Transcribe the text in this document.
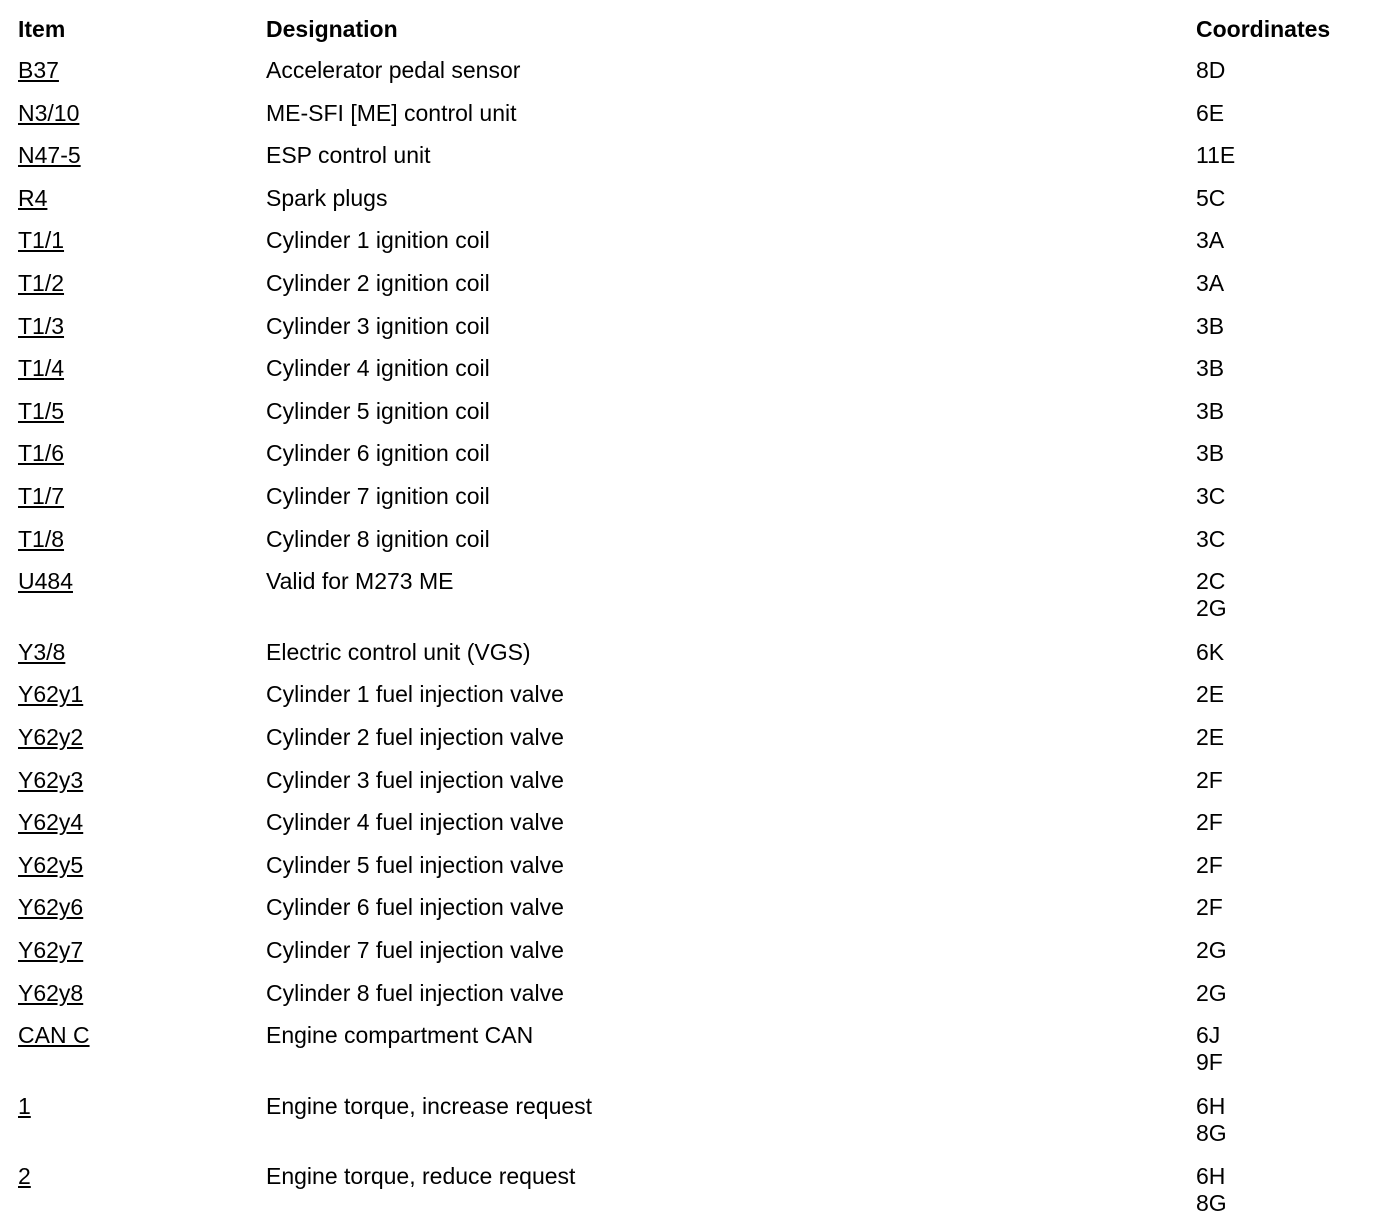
Item	Designation	Coordinates
B37	Accelerator pedal sensor	8D
N3/10	ME-SFI [ME] control unit	6E
N47-5	ESP control unit	11E
R4	Spark plugs	5C
T1/1	Cylinder 1 ignition coil	3A
T1/2	Cylinder 2 ignition coil	3A
T1/3	Cylinder 3 ignition coil	3B
T1/4	Cylinder 4 ignition coil	3B
T1/5	Cylinder 5 ignition coil	3B
T1/6	Cylinder 6 ignition coil	3B
T1/7	Cylinder 7 ignition coil	3C
T1/8	Cylinder 8 ignition coil	3C
U484	Valid for M273 ME	2C
2G
Y3/8	Electric control unit (VGS)	6K
Y62y1	Cylinder 1 fuel injection valve	2E
Y62y2	Cylinder 2 fuel injection valve	2E
Y62y3	Cylinder 3 fuel injection valve	2F
Y62y4	Cylinder 4 fuel injection valve	2F
Y62y5	Cylinder 5 fuel injection valve	2F
Y62y6	Cylinder 6 fuel injection valve	2F
Y62y7	Cylinder 7 fuel injection valve	2G
Y62y8	Cylinder 8 fuel injection valve	2G
CAN C	Engine compartment CAN	6J
9F
1	Engine torque, increase request	6H
8G
2	Engine torque, reduce request	6H
8G
